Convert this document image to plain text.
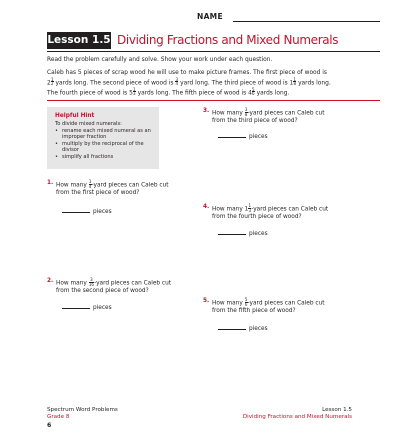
NAME
Lesson 1.5 Dividing Fractions and Mixed Numerals
Read the problem carefully and solve. Show your work under each question.
Caleb has 5 pieces of scrap wood he will use to make picture frames. The first piece of wood is
$2 \frac{1}{2}$ yards long. The second piece of wood is $\frac{3}{4}$ yard long. The third piece of wood is $1 \frac{1}{8}$ yards long.
The fourth piece of wood is $5 \frac{1}{3}$ yards long. The fifth piece of wood is $4 \frac{5}{6}$ yards long.
Helpful Hint
To divide mixed numerals:
• rename each mixed numeral as an improper fraction
• multiply by the reciprocal of the divisor
• simplify all fractions
1. How many $\frac{1}{4}$ -yard pieces can Caleb cut
from the first piece of wood?
pieces
2. How many $\frac{3}{16}$ -yard pieces can Caleb cut
from the second piece of wood?
pieces
3. How many $\frac{3}{8}$ -yard pieces can Caleb cut
from the third piece of wood?
pieces
4. How many $1 \frac{1}{3}$ -yard pieces can Caleb cut
from the fourth piece of wood?
pieces
5. How many $\frac{5}{6}$ -yard pieces can Caleb cut
from the fifth piece of wood?
pieces
Spectrum Word Problems
Grade 8
6
Lesson 1.5
Dividing Fractions and Mixed Numerals
